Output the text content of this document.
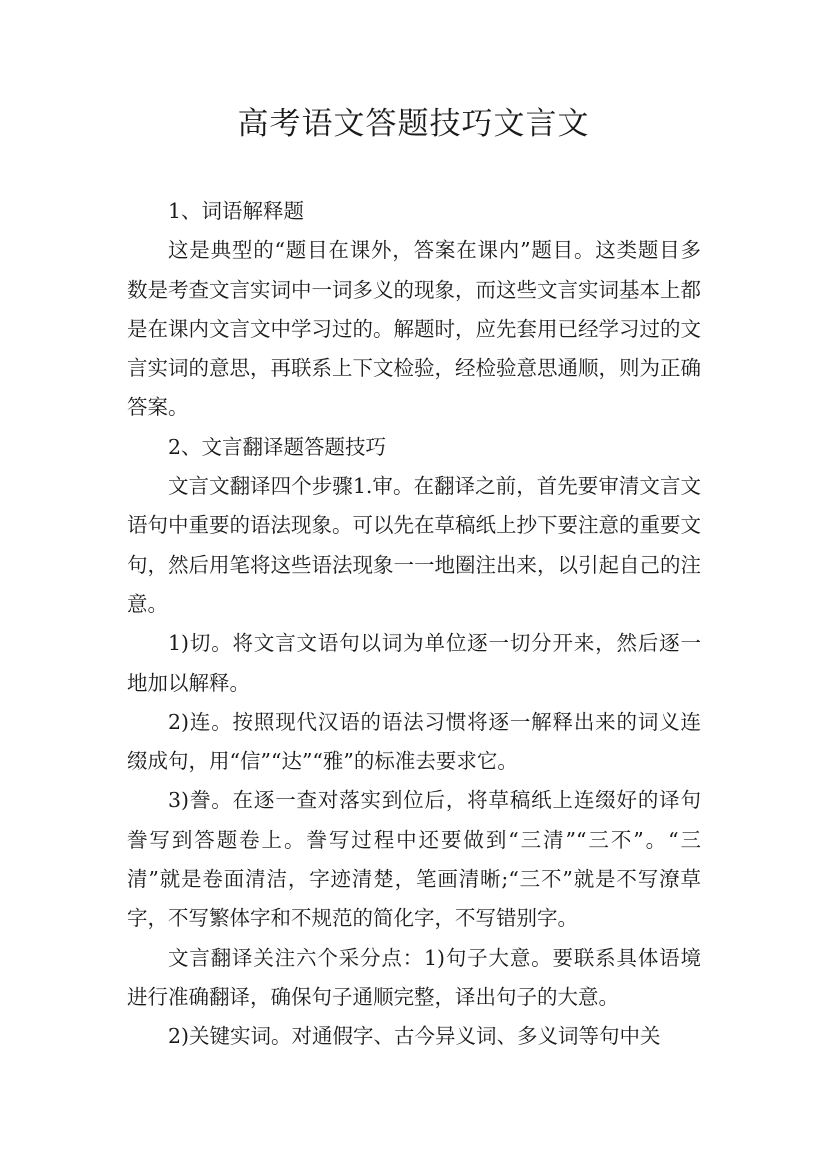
高考语文答题技巧文言文

1、词语解释题

这是典型的“题目在课外，答案在课内”题目。这类题目多数是考查文言实词中一词多义的现象，而这些文言实词基本上都是在课内文言文中学习过的。解题时，应先套用已经学习过的文言实词的意思，再联系上下文检验，经检验意思通顺，则为正确答案。

2、文言翻译题答题技巧

文言文翻译四个步骤1.审。在翻译之前，首先要审清文言文语句中重要的语法现象。可以先在草稿纸上抄下要注意的重要文句，然后用笔将这些语法现象一一地圈注出来，以引起自己的注意。

1)切。将文言文语句以词为单位逐一切分开来，然后逐一地加以解释。

2)连。按照现代汉语的语法习惯将逐一解释出来的词义连缀成句，用“信”“达”“雅”的标准去要求它。

3)誊。在逐一查对落实到位后，将草稿纸上连缀好的译句誊写到答题卷上。誊写过程中还要做到“三清”“三不”。“三清”就是卷面清洁，字迹清楚，笔画清晰;“三不”就是不写潦草字，不写繁体字和不规范的简化字，不写错别字。

文言翻译关注六个采分点：1)句子大意。要联系具体语境进行准确翻译，确保句子通顺完整，译出句子的大意。

2)关键实词。对通假字、古今异义词、多义词等句中关
